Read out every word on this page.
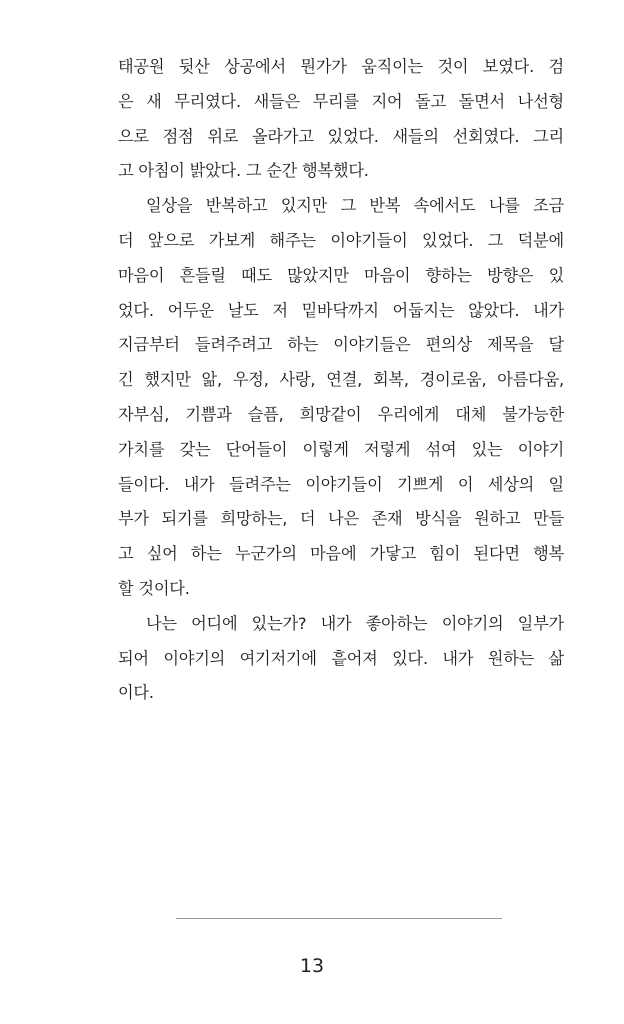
태공원 뒷산 상공에서 뭔가가 움직이는 것이 보였다. 검
은 새 무리였다. 새들은 무리를 지어 돌고 돌면서 나선형
으로 점점 위로 올라가고 있었다. 새들의 선회였다. 그리
고 아침이 밝았다. 그 순간 행복했다.
일상을 반복하고 있지만 그 반복 속에서도 나를 조금
더 앞으로 가보게 해주는 이야기들이 있었다. 그 덕분에
마음이 흔들릴 때도 많았지만 마음이 향하는 방향은 있
었다. 어두운 날도 저 밑바닥까지 어둡지는 않았다. 내가
지금부터 들려주려고 하는 이야기들은 편의상 제목을 달
긴 했지만 앎, 우정, 사랑, 연결, 회복, 경이로움, 아름다움,
자부심, 기쁨과 슬픔, 희망같이 우리에게 대체 불가능한
가치를 갖는 단어들이 이렇게 저렇게 섞여 있는 이야기
들이다. 내가 들려주는 이야기들이 기쁘게 이 세상의 일
부가 되기를 희망하는, 더 나은 존재 방식을 원하고 만들
고 싶어 하는 누군가의 마음에 가닿고 힘이 된다면 행복
할 것이다.
나는 어디에 있는가? 내가 좋아하는 이야기의 일부가
되어 이야기의 여기저기에 흩어져 있다. 내가 원하는 삶
이다.
13
